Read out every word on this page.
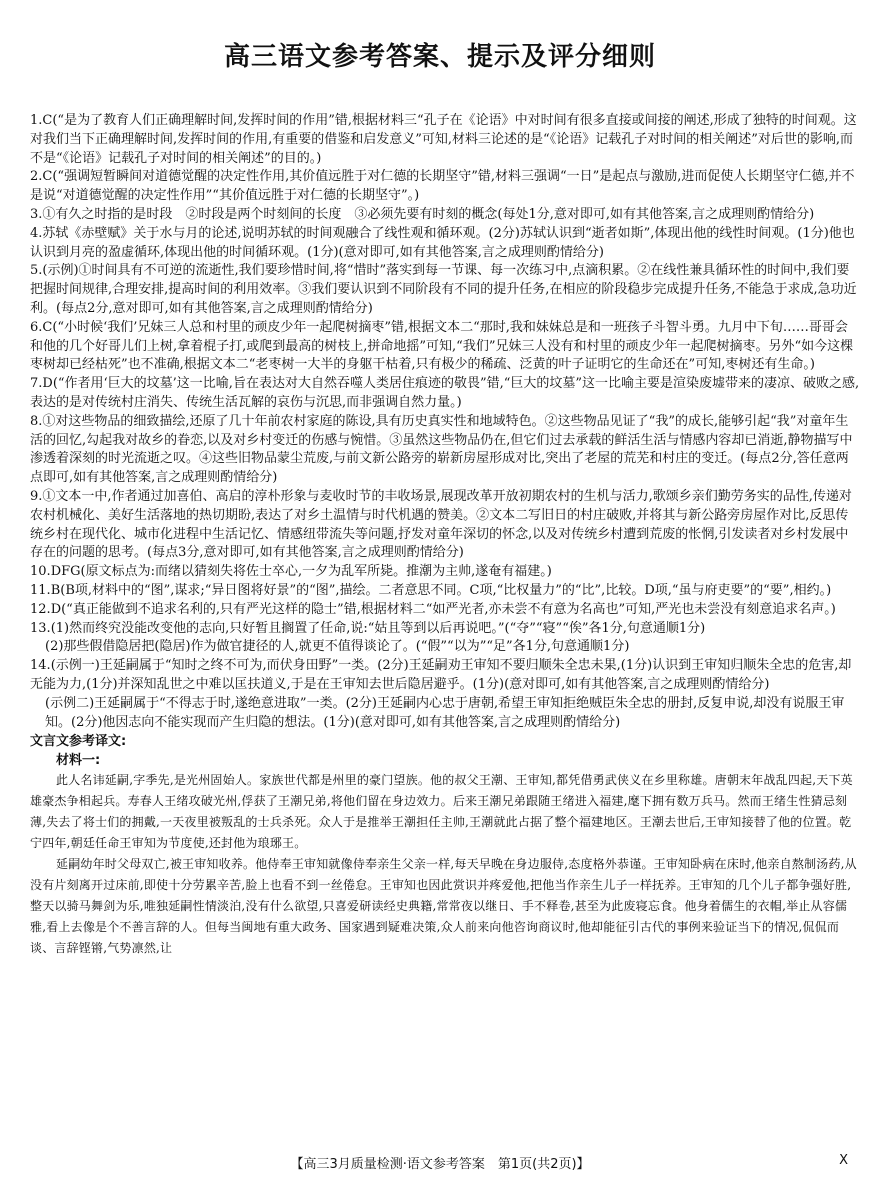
高三语文参考答案、提示及评分细则

1.C(“是为了教育人们正确理解时间,发挥时间的作用”错,根据材料三“孔子在《论语》中对时间有很多直接或间接的阐述,形成了独特的时间观。这对我们当下正确理解时间,发挥时间的作用,有重要的借鉴和启发意义”可知,材料三论述的是“《论语》记载孔子对时间的相关阐述”对后世的影响,而不是“《论语》记载孔子对时间的相关阐述”的目的。)

2.C(“强调短暂瞬间对道德觉醒的决定性作用,其价值远胜于对仁德的长期坚守”错,材料三强调“一日”是起点与激励,进而促使人长期坚守仁德,并不是说“对道德觉醒的决定性作用”“其价值远胜于对仁德的长期坚守”。)

3.①有久之时指的是时段　②时段是两个时刻间的长度　③必须先要有时刻的概念(每处1分,意对即可,如有其他答案,言之成理则酌情给分)

4.苏轼《赤壁赋》关于水与月的论述,说明苏轼的时间观融合了线性观和循环观。(2分)苏轼认识到“逝者如斯”,体现出他的线性时间观。(1分)他也认识到月亮的盈虚循环,体现出他的时间循环观。(1分)(意对即可,如有其他答案,言之成理则酌情给分)

5.(示例)①时间具有不可逆的流逝性,我们要珍惜时间,将“惜时”落实到每一节课、每一次练习中,点滴积累。②在线性兼具循环性的时间中,我们要把握时间规律,合理安排,提高时间的利用效率。③我们要认识到不同阶段有不同的提升任务,在相应的阶段稳步完成提升任务,不能急于求成,急功近利。(每点2分,意对即可,如有其他答案,言之成理则酌情给分)

6.C(“小时候‘我们’兄妹三人总和村里的顽皮少年一起爬树摘枣”错,根据文本二“那时,我和妹妹总是和一班孩子斗智斗勇。九月中下旬……哥哥会和他的几个好哥儿们上树,拿着棍子打,或爬到最高的树枝上,拼命地摇”可知,“我们”兄妹三人没有和村里的顽皮少年一起爬树摘枣。另外“如今这棵枣树却已经枯死”也不准确,根据文本二“老枣树一大半的身躯干枯着,只有极少的稀疏、泛黄的叶子证明它的生命还在”可知,枣树还有生命。)

7.D(“作者用‘巨大的坟墓’这一比喻,旨在表达对大自然吞噬人类居住痕迹的敬畏”错,“巨大的坟墓”这一比喻主要是渲染废墟带来的凄凉、破败之感,表达的是对传统村庄消失、传统生活瓦解的哀伤与沉思,而非强调自然力量。)

8.①对这些物品的细致描绘,还原了几十年前农村家庭的陈设,具有历史真实性和地域特色。②这些物品见证了“我”的成长,能够引起“我”对童年生活的回忆,勾起我对故乡的眷恋,以及对乡村变迁的伤感与惋惜。③虽然这些物品仍在,但它们过去承载的鲜活生活与情感内容却已消逝,静物描写中渗透着深刻的时光流逝之叹。④这些旧物品蒙尘荒废,与前文新公路旁的崭新房屋形成对比,突出了老屋的荒芜和村庄的变迁。(每点2分,答任意两点即可,如有其他答案,言之成理则酌情给分)

9.①文本一中,作者通过加喜伯、高启的淳朴形象与麦收时节的丰收场景,展现改革开放初期农村的生机与活力,歌颂乡亲们勤劳务实的品性,传递对农村机械化、美好生活落地的热切期盼,表达了对乡土温情与时代机遇的赞美。②文本二写旧日的村庄破败,并将其与新公路旁房屋作对比,反思传统乡村在现代化、城市化进程中生活记忆、情感纽带流失等问题,抒发对童年深切的怀念,以及对传统乡村遭到荒废的怅惘,引发读者对乡村发展中存在的问题的思考。(每点3分,意对即可,如有其他答案,言之成理则酌情给分)

10.DFG(原文标点为:而绪以猜刻失将佐士卒心,一夕为乱军所毙。推潮为主帅,遂奄有福建。)

11.B(B项,材料中的“图”,谋求;“异日图将好景”的“图”,描绘。二者意思不同。C项,“比权量力”的“比”,比较。D项,“虽与府吏要”的“要”,相约。)

12.D(“真正能做到不追求名利的,只有严光这样的隐士”错,根据材料二“如严光者,亦未尝不有意为名高也”可知,严光也未尝没有刻意追求名声。)

13.(1)然而终究没能改变他的志向,只好暂且搁置了任命,说:“姑且等到以后再说吧。”(“夺”“寝”“俟”各1分,句意通顺1分)

(2)那些假借隐居把(隐居)作为做官捷径的人,就更不值得谈论了。(“假”“以为”“足”各1分,句意通顺1分)

14.(示例一)王延嗣属于“知时之终不可为,而伏身田野”一类。(2分)王延嗣劝王审知不要归顺朱全忠未果,(1分)认识到王审知归顺朱全忠的危害,却无能为力,(1分)并深知乱世之中难以匡扶道义,于是在王审知去世后隐居避乎。(1分)(意对即可,如有其他答案,言之成理则酌情给分)

(示例二)王延嗣属于“不得志于时,遂绝意进取”一类。(2分)王延嗣内心忠于唐朝,希望王审知拒绝贼臣朱全忠的册封,反复申说,却没有说服王审知。(2分)他因志向不能实现而产生归隐的想法。(1分)(意对即可,如有其他答案,言之成理则酌情给分)

文言文参考译文:
材料一:

此人名讳延嗣,字季先,是光州固始人。家族世代都是州里的豪门望族。他的叔父王潮、王审知,都凭借勇武侠义在乡里称雄。唐朝末年战乱四起,天下英雄豪杰争相起兵。寿春人王绪攻破光州,俘获了王潮兄弟,将他们留在身边效力。后来王潮兄弟跟随王绪进入福建,麾下拥有数万兵马。然而王绪生性猜忌刻薄,失去了将士们的拥戴,一天夜里被叛乱的士兵杀死。众人于是推举王潮担任主帅,王潮就此占据了整个福建地区。王潮去世后,王审知接替了他的位置。乾宁四年,朝廷任命王审知为节度使,还封他为琅琊王。

延嗣幼年时父母双亡,被王审知收养。他侍奉王审知就像侍奉亲生父亲一样,每天早晚在身边服侍,态度格外恭谨。王审知卧病在床时,他亲自熬制汤药,从没有片刻离开过床前,即使十分劳累辛苦,脸上也看不到一丝倦怠。王审知也因此赏识并疼爱他,把他当作亲生儿子一样抚养。王审知的几个儿子都争强好胜,整天以骑马舞剑为乐,唯独延嗣性情淡泊,没有什么欲望,只喜爱研读经史典籍,常常夜以继日、手不释卷,甚至为此废寝忘食。他身着儒生的衣帽,举止从容儒雅,看上去像是个不善言辞的人。但每当闽地有重大政务、国家遇到疑难决策,众人前来向他咨询商议时,他却能征引古代的事例来验证当下的情况,侃侃而谈、言辞铿锵,气势凛然,让

【高三3月质量检测·语文参考答案　第1页(共2页)】	X
